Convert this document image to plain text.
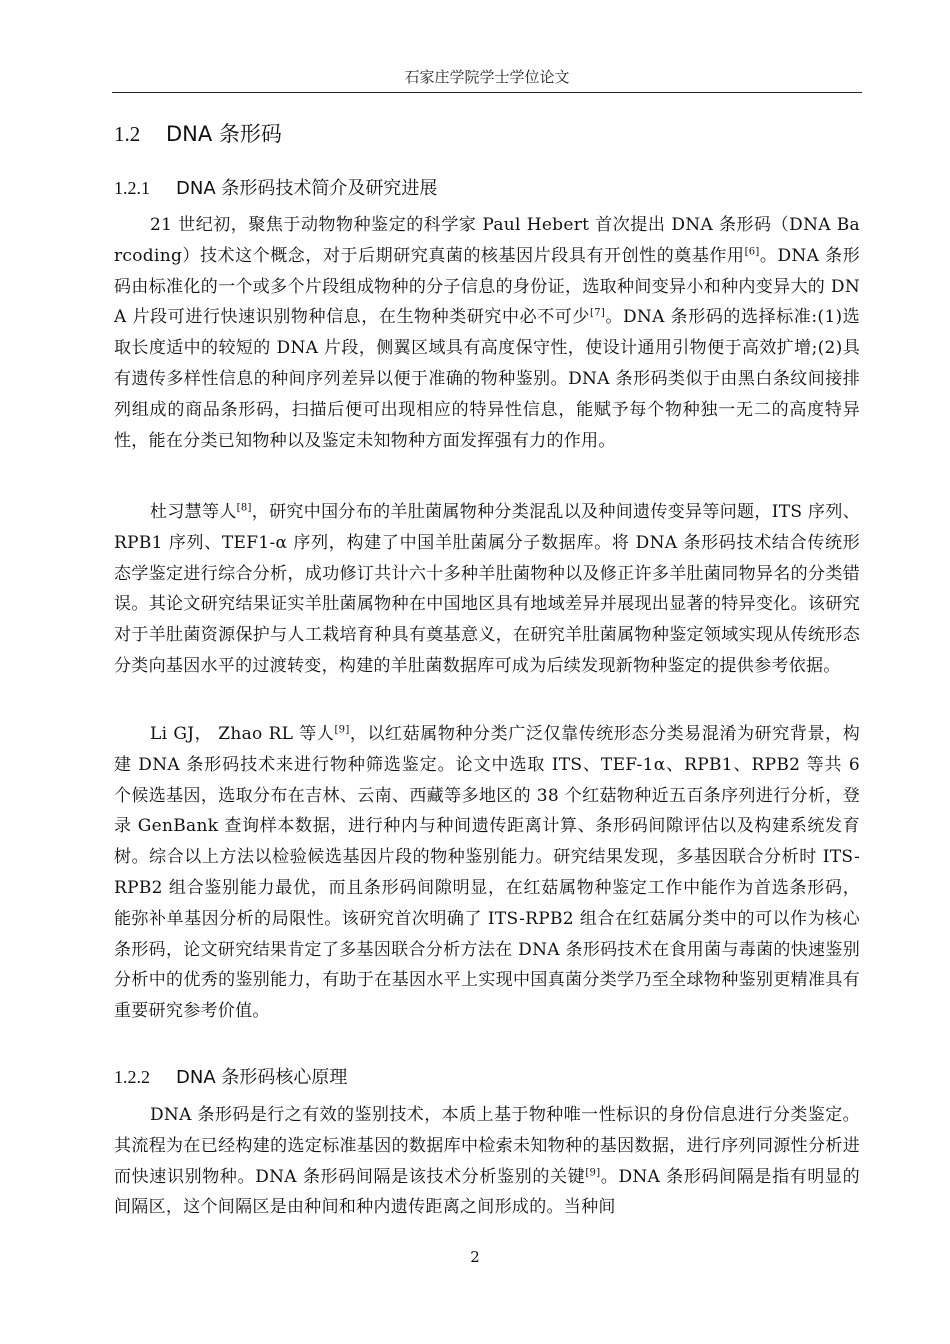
石家庄学院学士学位论文
1.2 DNA 条形码
1.2.1 DNA 条形码技术简介及研究进展

21 世纪初，聚焦于动物物种鉴定的科学家 Paul Hebert 首次提出 DNA 条形码（DNA Barcoding）技术这个概念，对于后期研究真菌的核基因片段具有开创性的奠基作用[6]。DNA 条形码由标准化的一个或多个片段组成物种的分子信息的身份证，选取种间变异小和种内变异大的 DNA 片段可进行快速识别物种信息，在生物种类研究中必不可少[7]。DNA 条形码的选择标准:(1)选取长度适中的较短的 DNA 片段，侧翼区域具有高度保守性，使设计通用引物便于高效扩增;(2)具有遗传多样性信息的种间序列差异以便于准确的物种鉴别。DNA 条形码类似于由黑白条纹间接排列组成的商品条形码，扫描后便可出现相应的特异性信息，能赋予每个物种独一无二的高度特异性，能在分类已知物种以及鉴定未知物种方面发挥强有力的作用。

杜习慧等人[8]，研究中国分布的羊肚菌属物种分类混乱以及种间遗传变异等问题，ITS 序列、RPB1 序列、TEF1-α 序列，构建了中国羊肚菌属分子数据库。将 DNA 条形码技术结合传统形态学鉴定进行综合分析，成功修订共计六十多种羊肚菌物种以及修正许多羊肚菌同物异名的分类错误。其论文研究结果证实羊肚菌属物种在中国地区具有地域差异并展现出显著的特异变化。该研究对于羊肚菌资源保护与人工栽培育种具有奠基意义，在研究羊肚菌属物种鉴定领域实现从传统形态分类向基因水平的过渡转变，构建的羊肚菌数据库可成为后续发现新物种鉴定的提供参考依据。

Li GJ， Zhao RL 等人[9]，以红菇属物种分类广泛仅靠传统形态分类易混淆为研究背景，构建 DNA 条形码技术来进行物种筛选鉴定。论文中选取 ITS、TEF-1α、RPB1、RPB2 等共 6 个候选基因，选取分布在吉林、云南、西藏等多地区的 38 个红菇物种近五百条序列进行分析，登录 GenBank 查询样本数据，进行种内与种间遗传距离计算、条形码间隙评估以及构建系统发育树。综合以上方法以检验候选基因片段的物种鉴别能力。研究结果发现，多基因联合分析时 ITS-RPB2 组合鉴别能力最优，而且条形码间隙明显，在红菇属物种鉴定工作中能作为首选条形码，能弥补单基因分析的局限性。该研究首次明确了 ITS-RPB2 组合在红菇属分类中的可以作为核心条形码，论文研究结果肯定了多基因联合分析方法在 DNA 条形码技术在食用菌与毒菌的快速鉴别分析中的优秀的鉴别能力，有助于在基因水平上实现中国真菌分类学乃至全球物种鉴别更精准具有重要研究参考价值。

1.2.2 DNA 条形码核心原理

DNA 条形码是行之有效的鉴别技术，本质上基于物种唯一性标识的身份信息进行分类鉴定。其流程为在已经构建的选定标准基因的数据库中检索未知物种的基因数据，进行序列同源性分析进而快速识别物种。DNA 条形码间隔是该技术分析鉴别的关键[9]。DNA 条形码间隔是指有明显的间隔区，这个间隔区是由种间和种内遗传距离之间形成的。当种间

2
